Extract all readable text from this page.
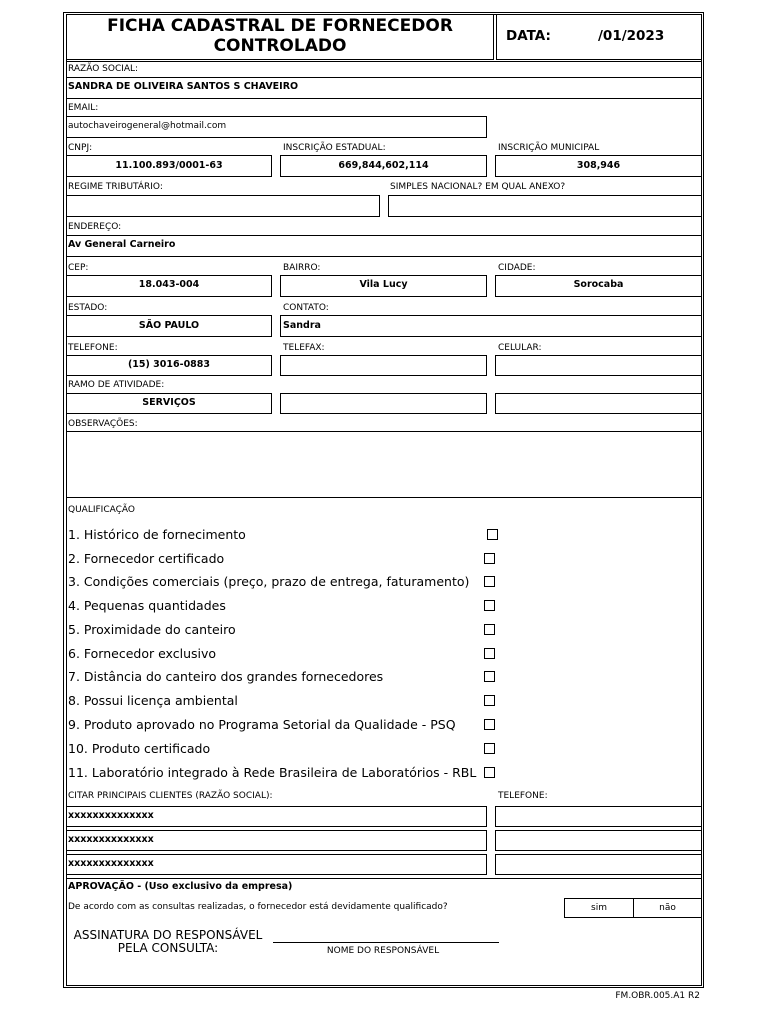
FICHA CADASTRAL DE FORNECEDOR
CONTROLADO	DATA:	/01/2023
RAZÃO SOCIAL:
SANDRA DE OLIVEIRA SANTOS S CHAVEIRO
EMAIL:
autochaveirogeneral@hotmail.com
CNPJ:	INSCRIÇÃO ESTADUAL:	INSCRIÇÃO MUNICIPAL
11.100.893/0001-63	669,844,602,114	308,946
REGIME TRIBUTÁRIO:	SIMPLES NACIONAL? EM QUAL ANEXO?
ENDEREÇO:
Av General Carneiro
CEP:	BAIRRO:	CIDADE:
18.043-004	Vila Lucy	Sorocaba
ESTADO:	CONTATO:
SÃO PAULO	Sandra
TELEFONE:	TELEFAX:	CELULAR:
(15) 3016-0883
RAMO DE ATIVIDADE:
SERVIÇOS
OBSERVAÇÕES:
QUALIFICAÇÃO
1. Histórico de fornecimento
2. Fornecedor certificado
3. Condições comerciais (preço, prazo de entrega, faturamento)
4. Pequenas quantidades
5. Proximidade do canteiro
6. Fornecedor exclusivo
7. Distância do canteiro dos grandes fornecedores
8. Possui licença ambiental
9. Produto aprovado no Programa Setorial da Qualidade - PSQ
10. Produto certificado
11. Laboratório integrado à Rede Brasileira de Laboratórios - RBL
CITAR PRINCIPAIS CLIENTES (RAZÃO SOCIAL):	TELEFONE:
xxxxxxxxxxxxxx
xxxxxxxxxxxxxx
xxxxxxxxxxxxxx
APROVAÇÃO - (Uso exclusivo da empresa)
De acordo com as consultas realizadas, o fornecedor está devidamente qualificado?	sim	não
ASSINATURA DO RESPONSÁVEL
PELA CONSULTA:	NOME DO RESPONSÁVEL
FM.OBR.005.A1 R2
